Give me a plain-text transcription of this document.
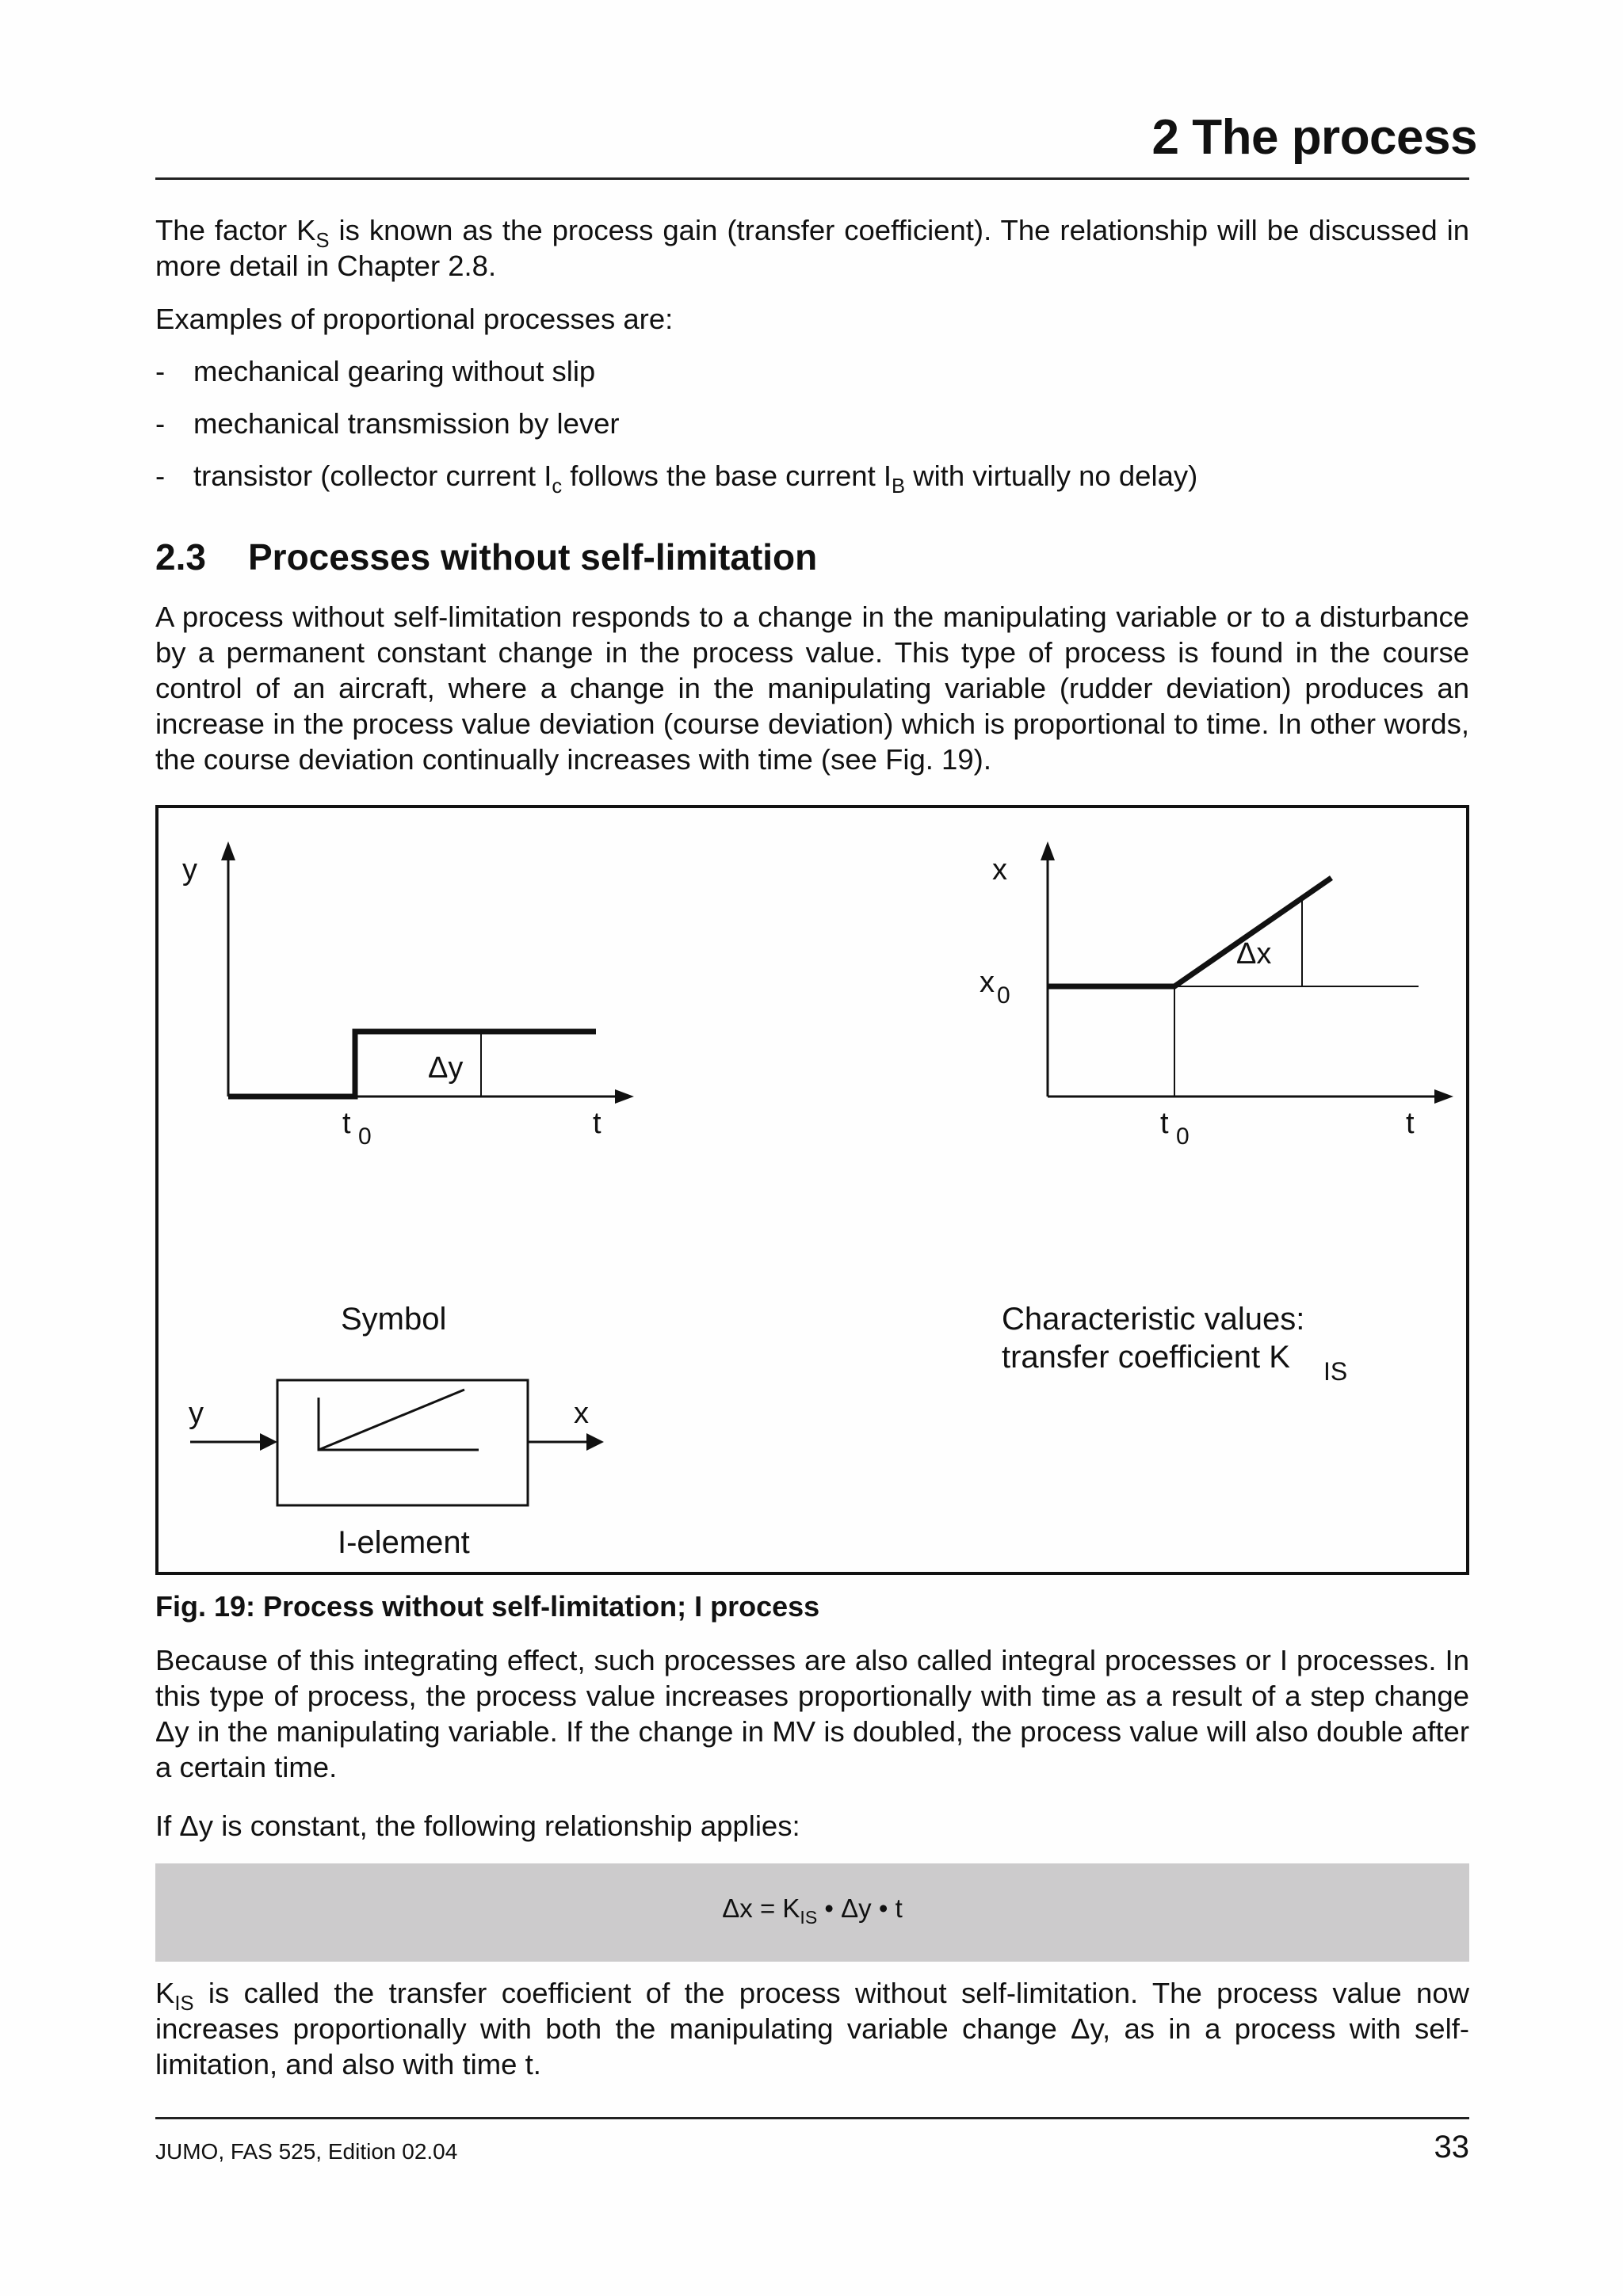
2 The process
The factor $K_S$ is known as the process gain (transfer coefficient). The relationship will be discussed in more detail in Chapter 2.8.
Examples of proportional processes are:
- mechanical gearing without slip
- mechanical transmission by lever
- transistor (collector current $I_c$ follows the base current $I_B$ with virtually no delay)
2.3 Processes without self-limitation
A process without self-limitation responds to a change in the manipulating variable or to a disturbance by a permanent constant change in the process value. This type of process is found in the course control of an aircraft, where a change in the manipulating variable (rudder deviation) produces an increase in the process value deviation (course deviation) which is proportional to time. In other words, the course deviation continually increases with time (see Fig. 19).
y
Δy
t 0	t
x
x 0
Δx
t 0	t
Symbol
y	x
I-element
Characteristic values:
transfer coefficient K IS
Fig. 19: Process without self-limitation; I process
Because of this integrating effect, such processes are also called integral processes or I processes. In this type of process, the process value increases proportionally with time as a result of a step change Δy in the manipulating variable. If the change in MV is doubled, the process value will also double after a certain time.
If Δy is constant, the following relationship applies:
$\Delta x = K_{IS}$ • Δy • t
$K_{IS}$ is called the transfer coefficient of the process without self-limitation. The process value now increases proportionally with both the manipulating variable change Δy, as in a process with self-limitation, and also with time t.
JUMO, FAS 525, Edition 02.04	33
